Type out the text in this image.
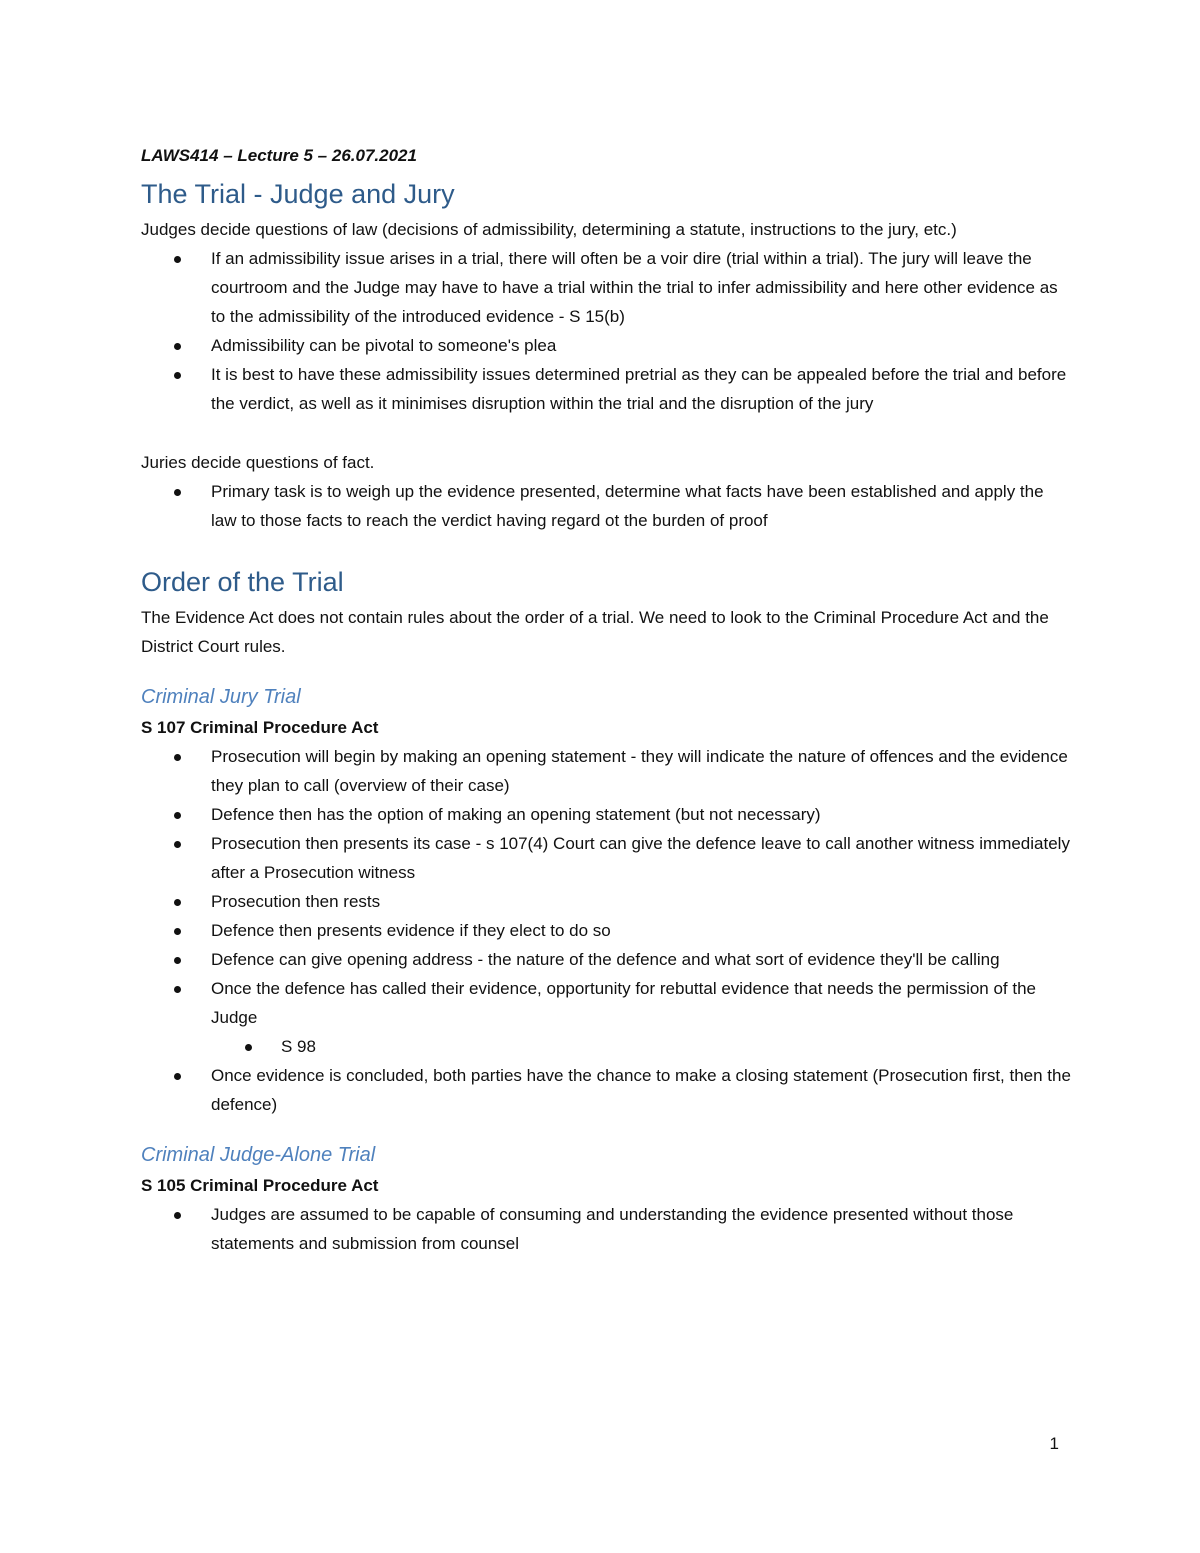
LAWS414 – Lecture 5 – 26.07.2021
The Trial - Judge and Jury

Judges decide questions of law (decisions of admissibility, determining a statute, instructions to the jury, etc.)

If an admissibility issue arises in a trial, there will often be a voir dire (trial within a trial). The jury will leave the courtroom and the Judge may have to have a trial within the trial to infer admissibility and here other evidence as to the admissibility of the introduced evidence - S 15(b)
Admissibility can be pivotal to someone's plea
It is best to have these admissibility issues determined pretrial as they can be appealed before the trial and before the verdict, as well as it minimises disruption within the trial and the disruption of the jury

Juries decide questions of fact.

Primary task is to weigh up the evidence presented, determine what facts have been established and apply the law to those facts to reach the verdict having regard ot the burden of proof
Order of the Trial

The Evidence Act does not contain rules about the order of a trial. We need to look to the Criminal Procedure Act and the District Court rules.

Criminal Jury Trial

S 107 Criminal Procedure Act

Prosecution will begin by making an opening statement - they will indicate the nature of offences and the evidence they plan to call (overview of their case)
Defence then has the option of making an opening statement (but not necessary)
Prosecution then presents its case - s 107(4) Court can give the defence leave to call another witness immediately after a Prosecution witness
Prosecution then rests
Defence then presents evidence if they elect to do so
Defence can give opening address - the nature of the defence and what sort of evidence they'll be calling
Once the defence has called their evidence, opportunity for rebuttal evidence that needs the permission of the Judge
S 98
Once evidence is concluded, both parties have the chance to make a closing statement (Prosecution first, then the defence)
Criminal Judge-Alone Trial

S 105 Criminal Procedure Act

Judges are assumed to be capable of consuming and understanding the evidence presented without those statements and submission from counsel
1
